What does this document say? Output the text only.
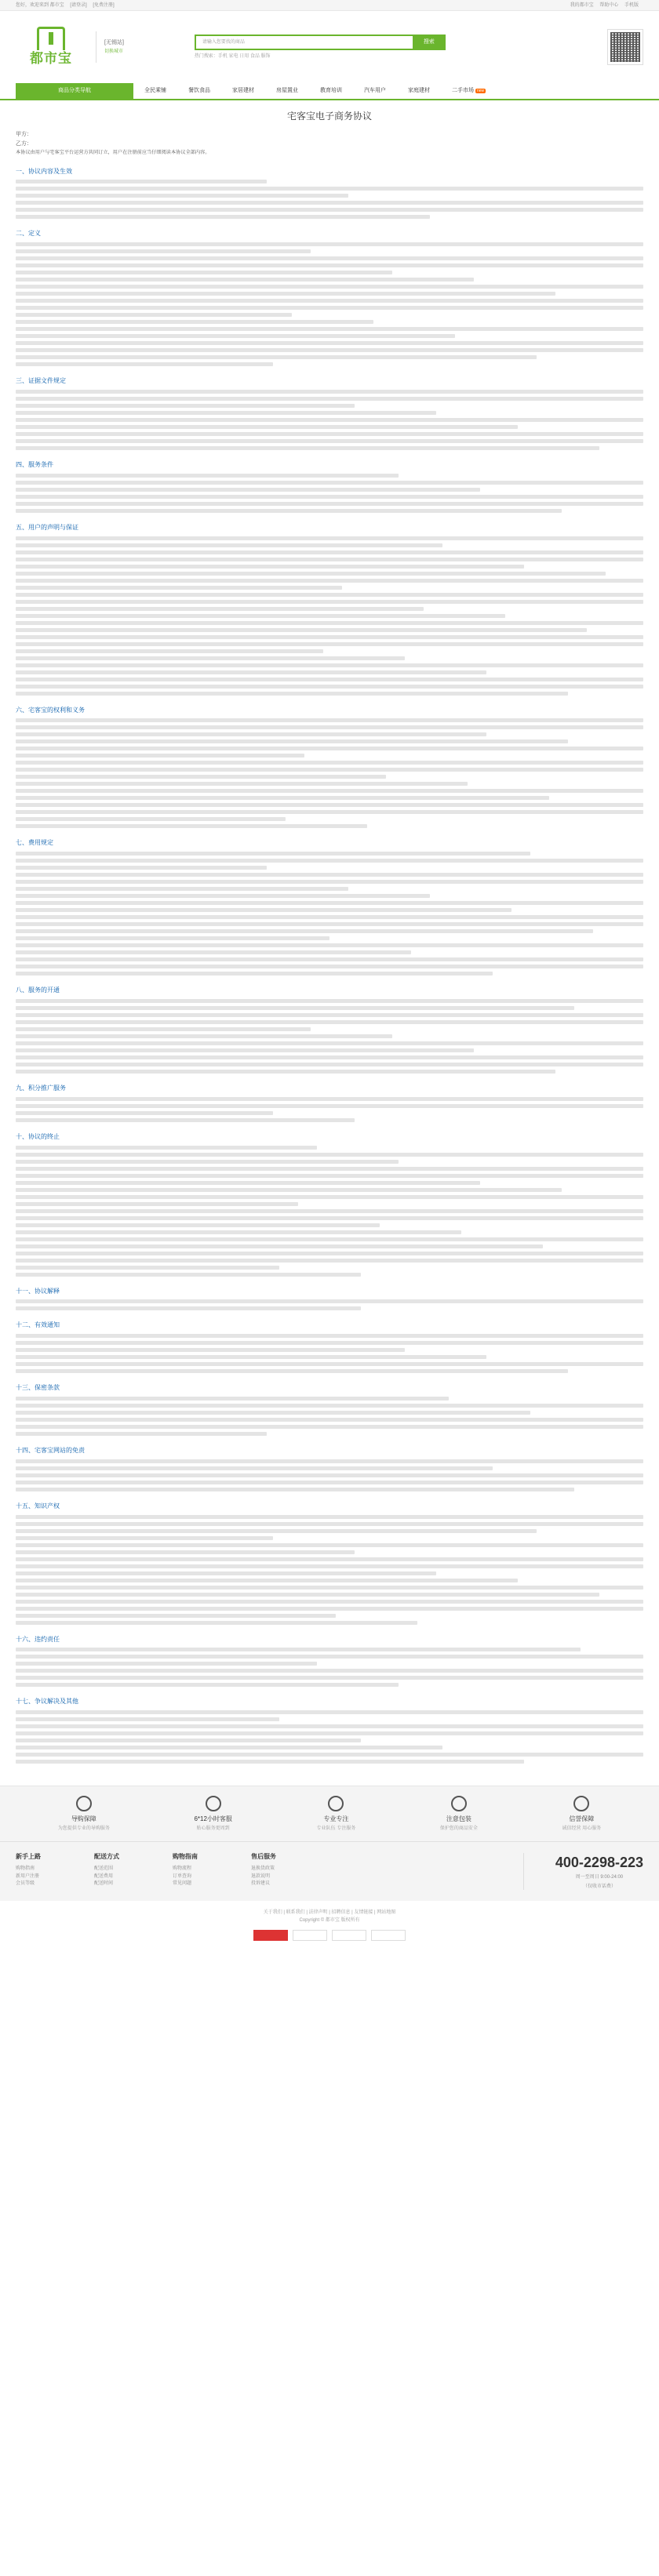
您好，欢迎来到 都市宝 [请登录] [免费注册]	我的都市宝 帮助中心 手机版
都市宝
[无锡站]
切换城市
请输入您要找的商品	搜索
热门搜索：手机 家电 日用 食品 服饰
商品分类导航	全民乘铺	餐饮食品	家居建材	房屋置业	教育培训	汽车用户	家庭建材	二手市场 new
宅客宝电子商务协议
甲方：
乙方：
本协议由用户与宅客宝平台运营方共同订立，用户在注册前应当仔细阅读本协议全部内容。
一、协议内容及生效
二、定义
三、证据文件规定
四、服务条件
五、用户的声明与保证
六、宅客宝的权利和义务
七、费用规定
八、服务的开通
九、积分推广服务
十、协议的终止
十一、协议解释
十二、有效通知
十三、保密条款
十四、宅客宝网站的免责
十五、知识产权
十六、违约责任
十七、争议解决及其他
导购保障
为您提供专业的导购服务
6*12小时客服
贴心服务更周到
专业专注
专业队伍 专注服务
注意包装
保护您的商品安全
信誉保障
诚信经营 用心服务
新手上路
购物指南
新用户注册
会员等级
配送方式
配送范围
配送费用
配送时间
购物指南
购物流程
订单查询
常见问题
售后服务
退换货政策
退款说明
投诉建议
400-2298-223
周一至周日 9:00-24:00
（仅收市话费）
关于我们 | 联系我们 | 法律声明 | 招聘信息 | 友情链接 | 网站地图
Copyright © 都市宝 版权所有
